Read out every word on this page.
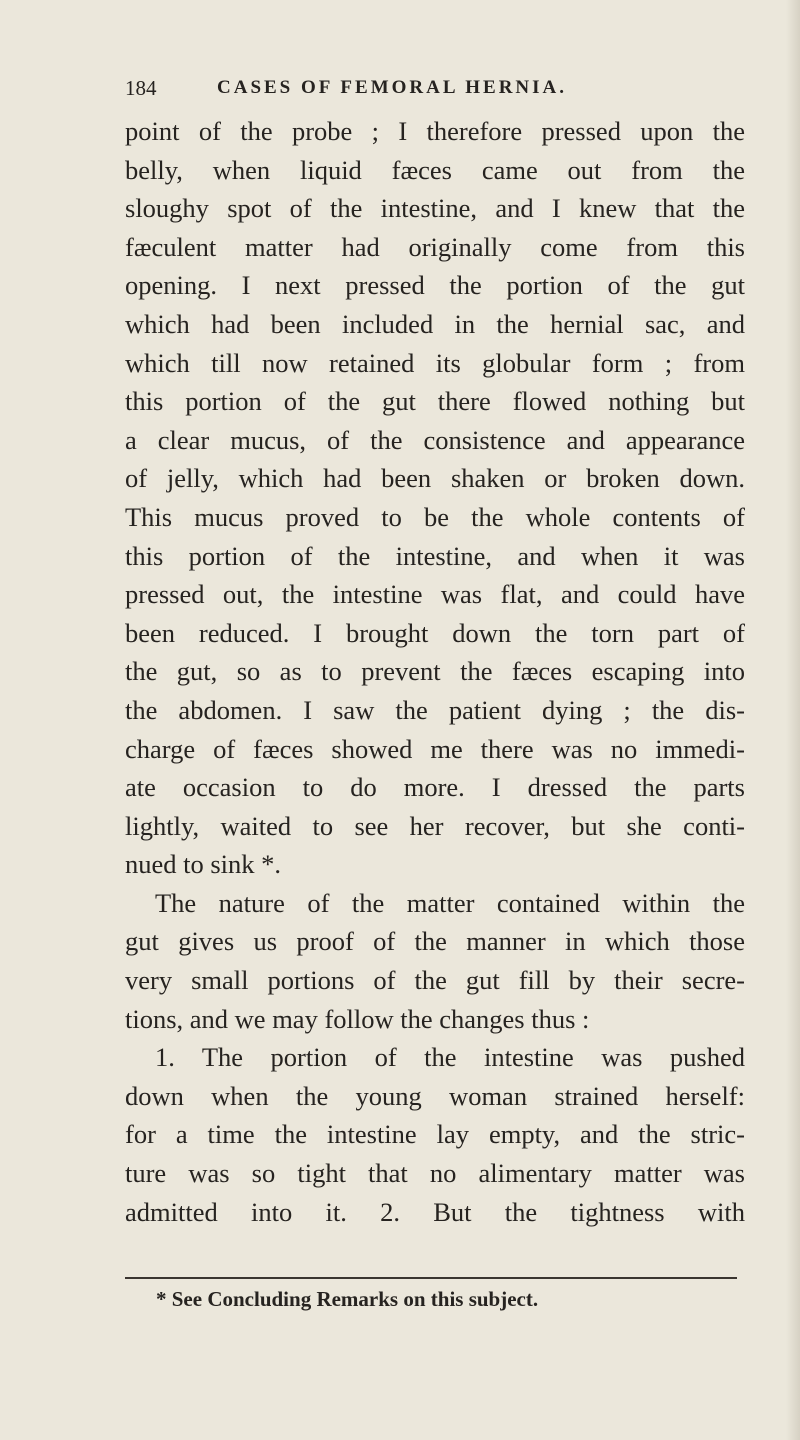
184	CASES OF FEMORAL HERNIA.
point of the probe ; I therefore pressed upon the
belly, when liquid fæces came out from the
sloughy spot of the intestine, and I knew that the
fæculent matter had originally come from this
opening. I next pressed the portion of the gut
which had been included in the hernial sac, and
which till now retained its globular form ; from
this portion of the gut there flowed nothing but
a clear mucus, of the consistence and appearance
of jelly, which had been shaken or broken down.
This mucus proved to be the whole contents of
this portion of the intestine, and when it was
pressed out, the intestine was flat, and could have
been reduced. I brought down the torn part of
the gut, so as to prevent the fæces escaping into
the abdomen. I saw the patient dying ; the dis-
charge of fæces showed me there was no immedi-
ate occasion to do more. I dressed the parts
lightly, waited to see her recover, but she conti-
nued to sink *.
The nature of the matter contained within the
gut gives us proof of the manner in which those
very small portions of the gut fill by their secre-
tions, and we may follow the changes thus :
1. The portion of the intestine was pushed
down when the young woman strained herself:
for a time the intestine lay empty, and the stric-
ture was so tight that no alimentary matter was
admitted into it. 2. But the tightness with
* See Concluding Remarks on this subject.
